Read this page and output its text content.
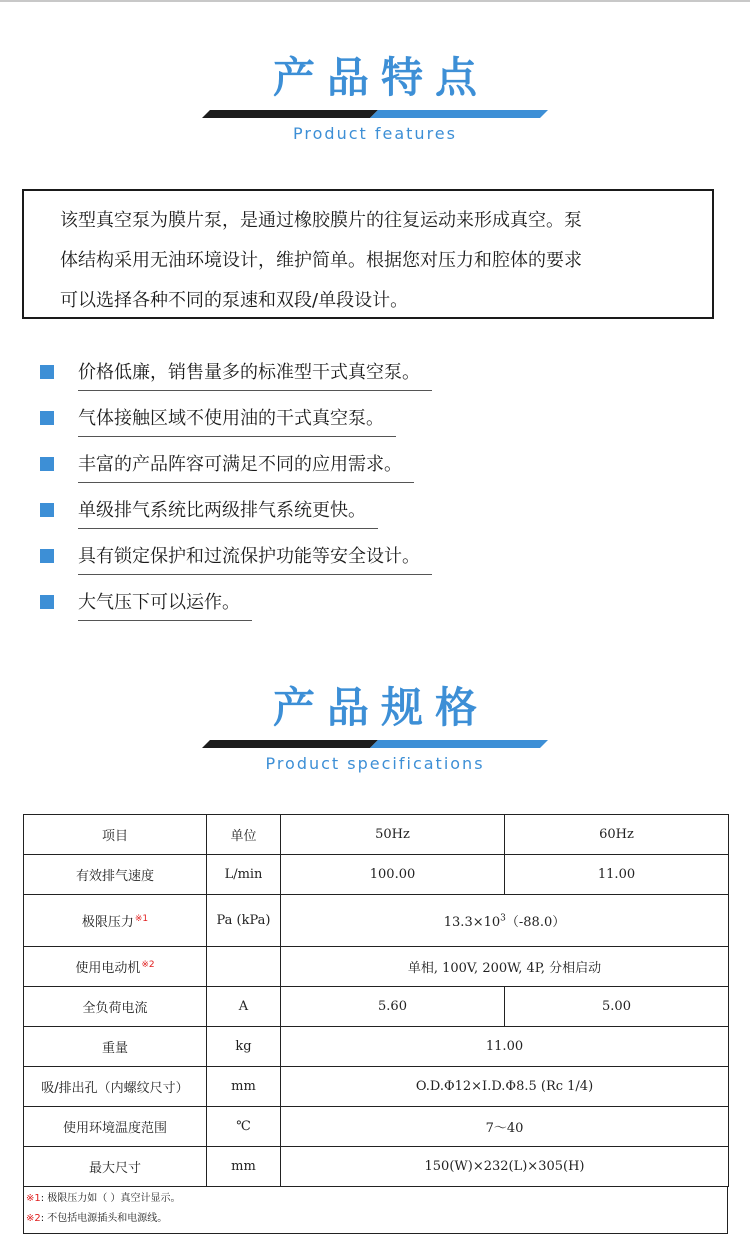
产品特点
Product features
该型真空泵为膜片泵，是通过橡胶膜片的往复运动来形成真空。泵
体结构采用无油环境设计，维护简单。根据您对压力和腔体的要求
可以选择各种不同的泵速和双段/单段设计。
价格低廉，销售量多的标准型干式真空泵。
气体接触区域不使用油的干式真空泵。
丰富的产品阵容可满足不同的应用需求。
单级排气系统比两级排气系统更快。
具有锁定保护和过流保护功能等安全设计。
大气压下可以运作。
产品规格
Product specifications
项目	单位	50Hz	60Hz
有效排气速度	L/min	100.00	11.00
极限压力$^{※1}$	Pa (kPa)	$13.3\times 10^3(-88.0)$	
使用电动机$^{※2}$		单相, 100V, 200W, 4P, 分相启动	
全负荷电流	A	5.60	5.00
重量	kg	11.00	
吸/排出孔（内螺纹尺寸）	mm	O.D.Φ12×I.D.Φ8.5 (Rc 1/4)	
使用环境温度范围	℃	7～40	
最大尺寸	mm	150(W)×232(L)×305(H)	
※1: 极限压力如（ ）真空计显示。
※2: 不包括电源插头和电源线。
